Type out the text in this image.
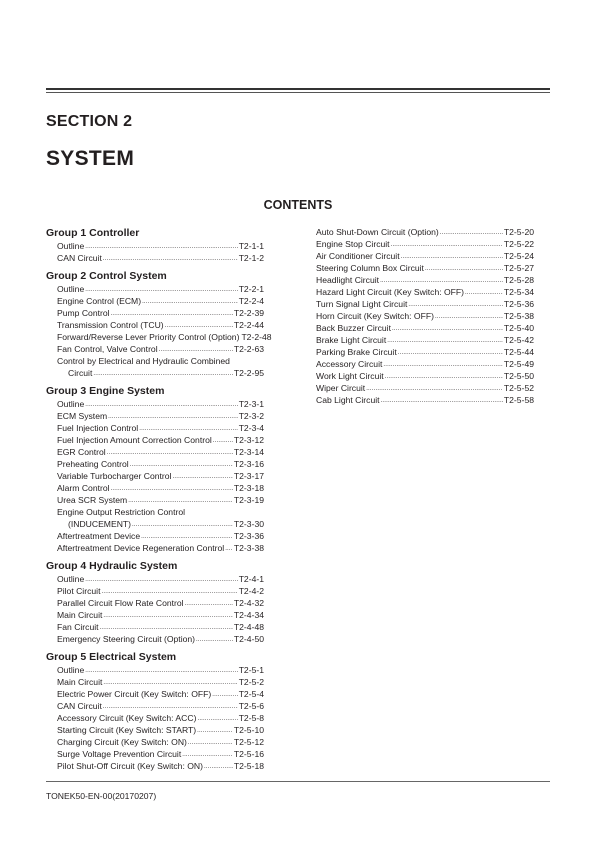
SECTION 2
SYSTEM
CONTENTS
Group 1 Controller
Outline .....	T2-1-1
CAN Circuit .....	T2-1-2
Group 2 Control System
Outline .....	T2-2-1
Engine Control (ECM) .....	T2-2-4
Pump Control .....	T2-2-39
Transmission Control (TCU) .....	T2-2-44
Forward/Reverse Lever Priority Control (Option) T2-2-48
Fan Control, Valve Control .....	T2-2-63
Control by Electrical and Hydraulic Combined
Circuit .....	T2-2-95
Group 3 Engine System
Outline .....	T2-3-1
ECM System .....	T2-3-2
Fuel Injection Control .....	T2-3-4
Fuel Injection Amount Correction Control .....	T2-3-12
EGR Control .....	T2-3-14
Preheating Control .....	T2-3-16
Variable Turbocharger Control .....	T2-3-17
Alarm Control .....	T2-3-18
Urea SCR System .....	T2-3-19
Engine Output Restriction Control
(INDUCEMENT) .....	T2-3-30
Aftertreatment Device .....	T2-3-36
Aftertreatment Device Regeneration Control ..... T2-3-38
Group 4 Hydraulic System
Outline .....	T2-4-1
Pilot Circuit .....	T2-4-2
Parallel Circuit Flow Rate Control .....	T2-4-32
Main Circuit .....	T2-4-34
Fan Circuit .....	T2-4-48
Emergency Steering Circuit (Option) .....	T2-4-50
Group 5 Electrical System
Outline .....	T2-5-1
Main Circuit .....	T2-5-2
Electric Power Circuit (Key Switch: OFF) .....	T2-5-4
CAN Circuit .....	T2-5-6
Accessory Circuit (Key Switch: ACC) .....	T2-5-8
Starting Circuit (Key Switch: START) .....	T2-5-10
Charging Circuit (Key Switch: ON) .....	T2-5-12
Surge Voltage Prevention Circuit .....	T2-5-16
Pilot Shut-Off Circuit (Key Switch: ON) .....	T2-5-18
Auto Shut-Down Circuit (Option) .....	T2-5-20
Engine Stop Circuit .....	T2-5-22
Air Conditioner Circuit .....	T2-5-24
Steering Column Box Circuit .....	T2-5-27
Headlight Circuit .....	T2-5-28
Hazard Light Circuit (Key Switch: OFF) .....	T2-5-34
Turn Signal Light Circuit .....	T2-5-36
Horn Circuit (Key Switch: OFF) .....	T2-5-38
Back Buzzer Circuit .....	T2-5-40
Brake Light Circuit .....	T2-5-42
Parking Brake Circuit .....	T2-5-44
Accessory Circuit .....	T2-5-49
Work Light Circuit .....	T2-5-50
Wiper Circuit .....	T2-5-52
Cab Light Circuit .....	T2-5-58
TONEK50-EN-00(20170207)
